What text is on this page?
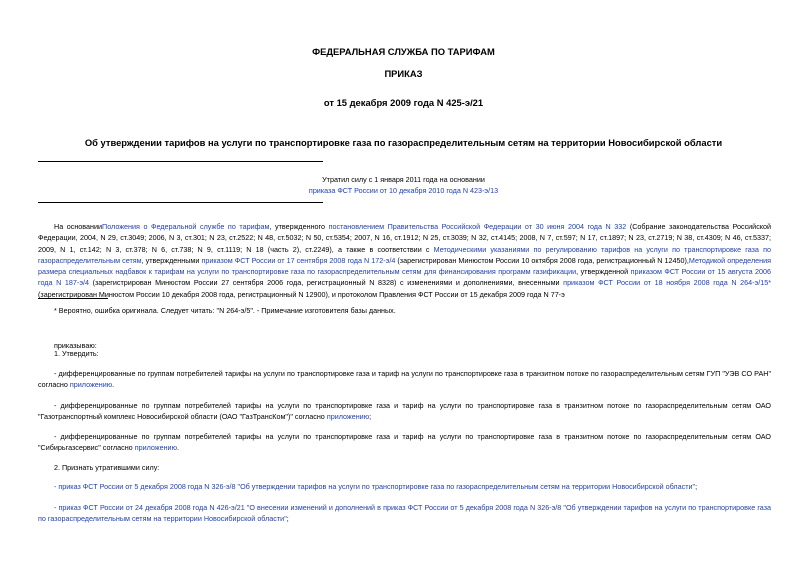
ФЕДЕРАЛЬНАЯ СЛУЖБА ПО ТАРИФАМ
ПРИКАЗ
от 15 декабря 2009 года N 425-э/21
Об утверждении тарифов на услуги по транспортировке газа по газораспределительным сетям на территории Новосибирской области
Утратил силу с 1 января 2011 года на основании
приказа ФСТ России от 10 декабря 2010 года N 423-э/13
На основанииПоложения о Федеральной службе по тарифам, утвержденного постановлением Правительства Российской Федерации от 30 июня 2004 года N 332 (Собрание законодательства Российской Федерации, 2004, N 29, ст.3049; 2006, N 3, ст.301; N 23, ст.2522; N 48, ст.5032; N 50, ст.5354; 2007, N 16, ст.1912; N 25, ст.3039; N 32, ст.4145; 2008, N 7, ст.597; N 17, ст.1897; N 23, ст.2719; N 38, ст.4309; N 46, ст.5337; 2009, N 1, ст.142; N 3, ст.378; N 6, ст.738; N 9, ст.1119; N 18 (часть 2), ст.2249), а также в соответствии с Методическими указаниями по регулированию тарифов на услуги по транспортировке газа по газораспределительным сетям, утвержденными приказом ФСТ России от 17 сентября 2008 года N 172-э/4 (зарегистрирован Минюстом России 10 октября 2008 года, регистрационный N 12450),Методикой определения размера специальных надбавок к тарифам на услуги по транспортировке газа по газораспределительным сетям для финансирования программ газификации, утвержденной приказом ФСТ России от 15 августа 2006 года N 187-э/4 (зарегистрирован Минюстом России 27 сентября 2006 года, регистрационный N 8328) с изменениями и дополнениями, внесенными приказом ФСТ России от 18 ноября 2008 года N 264-э/15* (зарегистрирован Минюстом России 10 декабря 2008 года, регистрационный N 12900), и протоколом Правления ФСТ России от 15 декабря 2009 года N 77-э
* Вероятно, ошибка оригинала. Следует читать: "N 264-э/5". - Примечание изготовителя базы данных.
приказываю:
1. Утвердить:
- дифференцированные по группам потребителей тарифы на услуги по транспортировке газа и тариф на услуги по транспортировке газа в транзитном потоке по газораспределительным сетям ГУП "УЭВ СО РАН" согласно приложению.
- дифференцированные по группам потребителей тарифы на услуги по транспортировке газа и тариф на услуги по транспортировке газа в транзитном потоке по газораспределительным сетям ОАО "Газотранспортный комплекс Новосибирской области (ОАО "ГазТрансКом")" согласно приложению;
- дифференцированные по группам потребителей тарифы на услуги по транспортировке газа и тариф на услуги по транспортировке газа в транзитном потоке по газораспределительным сетям ОАО "Сибирьгазсервис" согласно приложению.
2. Признать утратившими силу:
- приказ ФСТ России от 5 декабря 2008 года N 326-э/8 "Об утверждении тарифов на услуги по транспортировке газа по газораспределительным сетям на территории Новосибирской области";
- приказ ФСТ России от 24 декабря 2008 года N 426-э/21 "О внесении изменений и дополнений в приказ ФСТ России от 5 декабря 2008 года N 326-э/8 "Об утверждении тарифов на услуги по транспортировке газа по газораспределительным сетям на территории Новосибирской области";
